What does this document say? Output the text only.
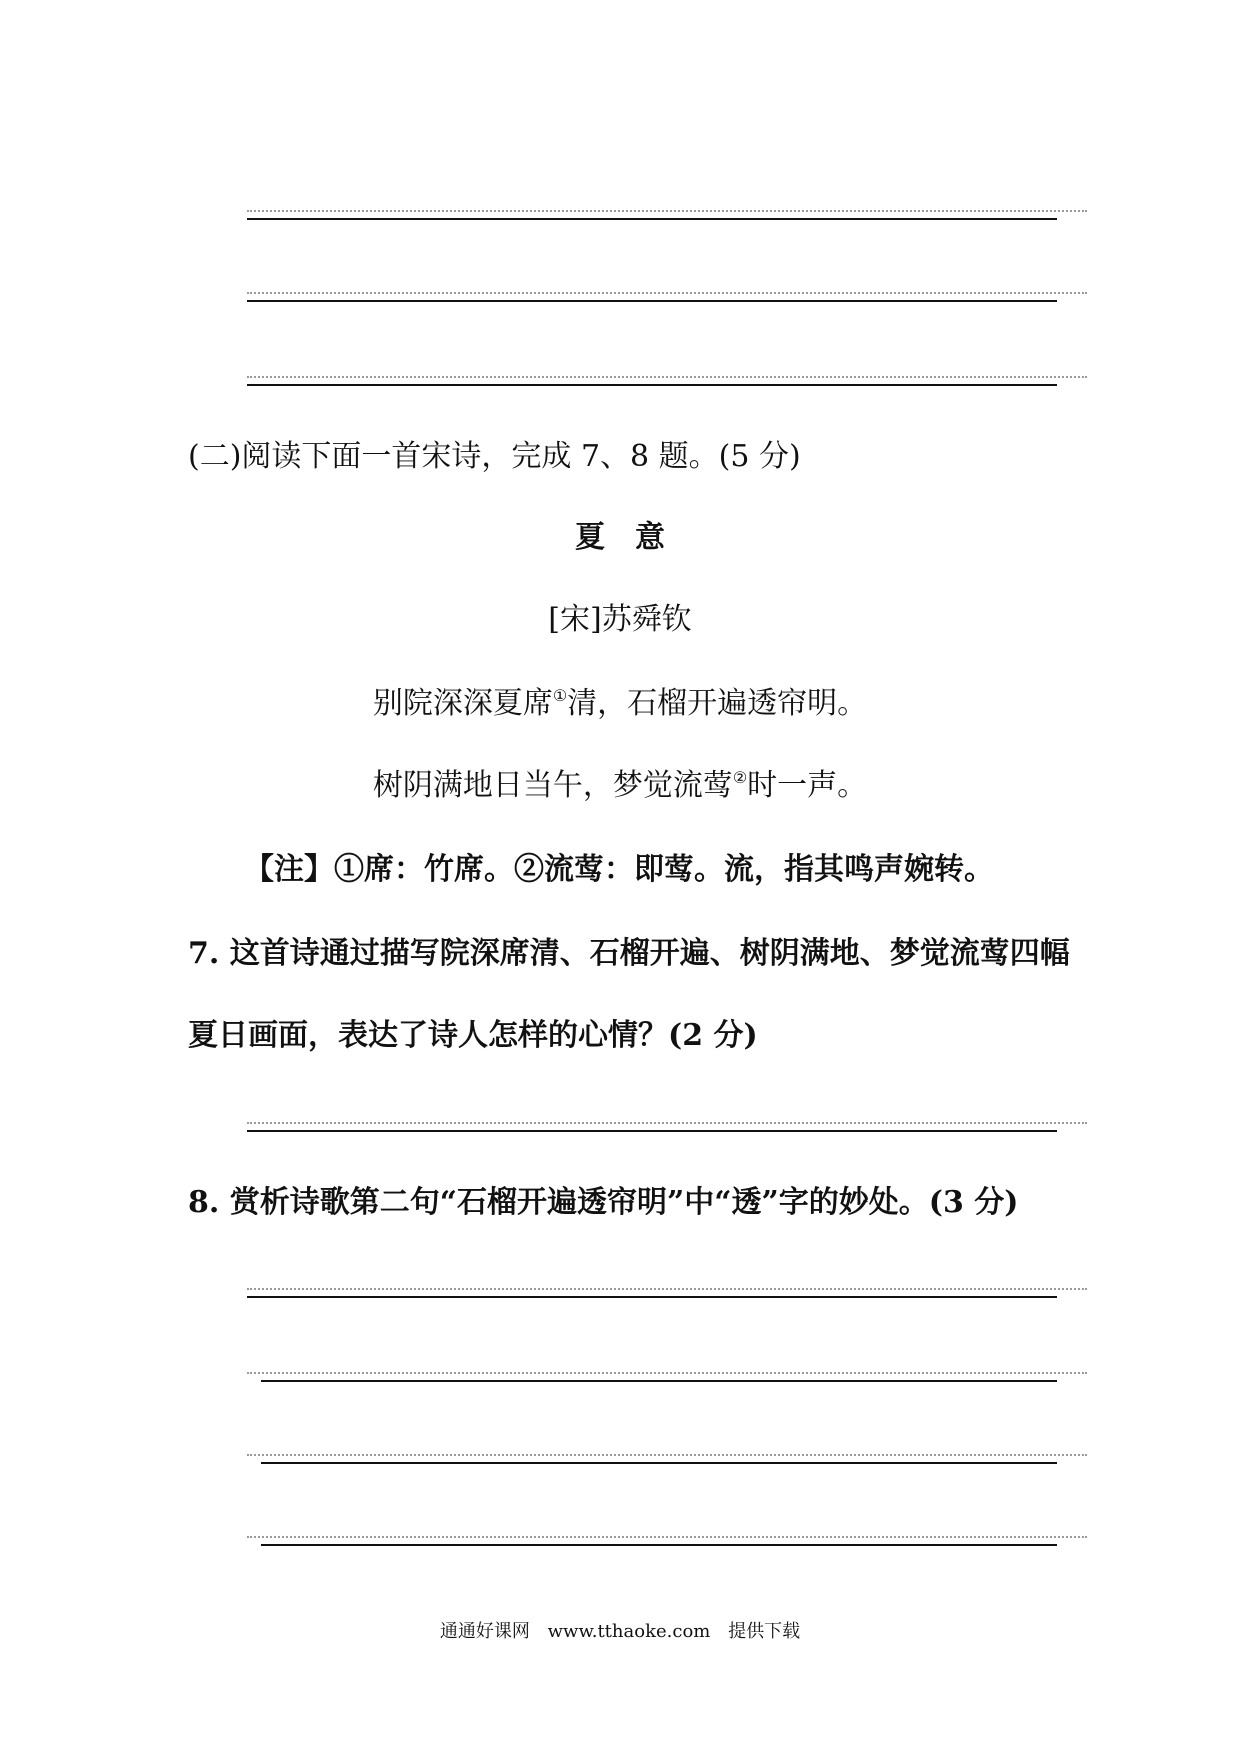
(二)阅读下面一首宋诗，完成 7、8 题。(5 分)
夏　意
[宋]苏舜钦
别院深深夏席①清，石榴开遍透帘明。
树阴满地日当午，梦觉流莺②时一声。
【注】①席：竹席。②流莺：即莺。流，指其鸣声婉转。
7. 这首诗通过描写院深席清、石榴开遍、树阴满地、梦觉流莺四幅
夏日画面，表达了诗人怎样的心情？(2 分)
8. 赏析诗歌第二句“石榴开遍透帘明”中“透”字的妙处。(3 分)
通通好课网 www.tthaoke.com 提供下载
